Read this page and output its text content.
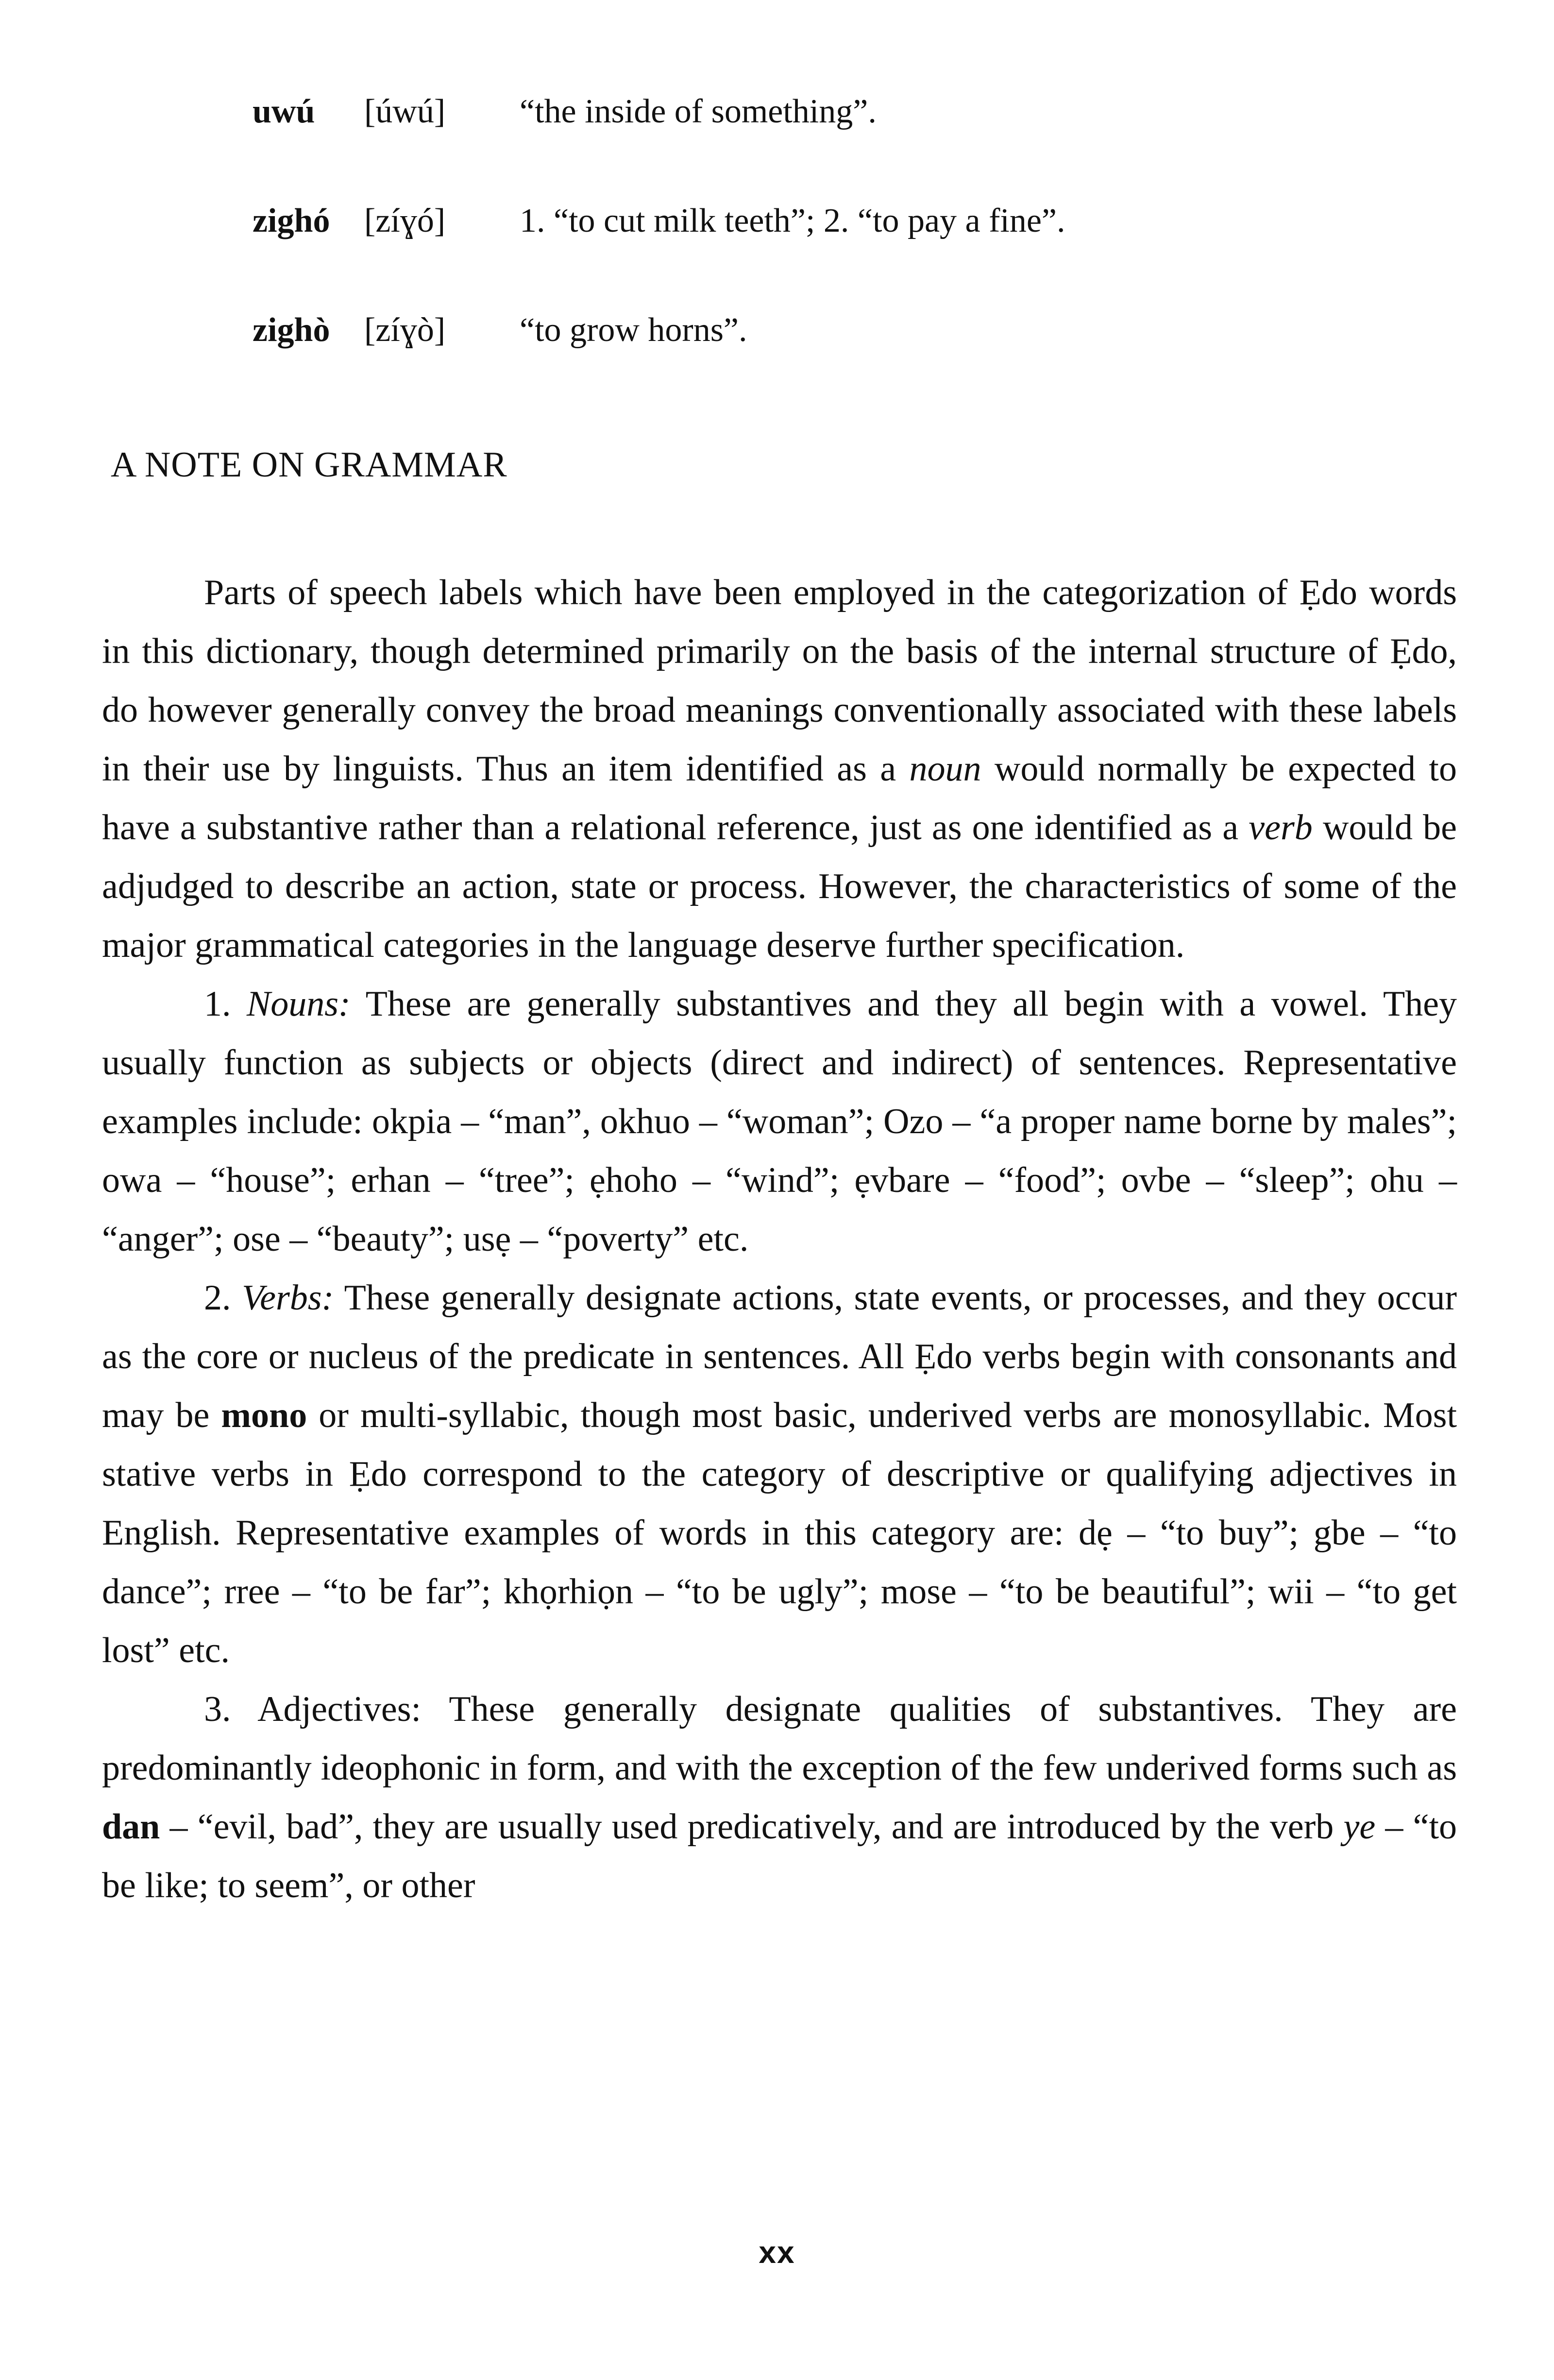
uwú	[úwú]	“the inside of something”.
zighó	[zíɣó]	1. “to cut milk teeth”; 2. “to pay a fine”.
zighò	[zíɣò]	“to grow horns”.
A NOTE ON GRAMMAR

Parts of speech labels which have been employed in the categorization of Ẹdo words in this dictionary, though determined primarily on the basis of the internal structure of Ẹdo, do however generally convey the broad meanings conventionally associated with these labels in their use by linguists. Thus an item identified as a noun would normally be expected to have a substantive rather than a relational reference, just as one identified as a verb would be adjudged to describe an action, state or process. However, the characteristics of some of the major grammatical categories in the language deserve further specification.

1. Nouns: These are generally substantives and they all begin with a vowel. They usually function as subjects or objects (direct and indirect) of sentences. Representative examples include: okpia – “man”, okhuo – “woman”; Ozo – “a proper name borne by males”; owa – “house”; erhan – “tree”; ẹhoho – “wind”; ẹvbare – “food”; ovbe – “sleep”; ohu – “anger”; ose – “beauty”; usẹ – “poverty” etc.

2. Verbs: These generally designate actions, state events, or processes, and they occur as the core or nucleus of the predicate in sentences. All Ẹdo verbs begin with consonants and may be mono or multi-syllabic, though most basic, underived verbs are monosyllabic. Most stative verbs in Ẹdo correspond to the category of descriptive or qualifying adjectives in English. Representative examples of words in this category are: dẹ – “to buy”; gbe – “to dance”; rree – “to be far”; khọrhiọn – “to be ugly”; mose – “to be beautiful”; wii – “to get lost” etc.

3. Adjectives: These generally designate qualities of substantives. They are predominantly ideophonic in form, and with the exception of the few underived forms such as dan – “evil, bad”, they are usually used predicatively, and are introduced by the verb ye – “to be like; to seem”, or other

xx
